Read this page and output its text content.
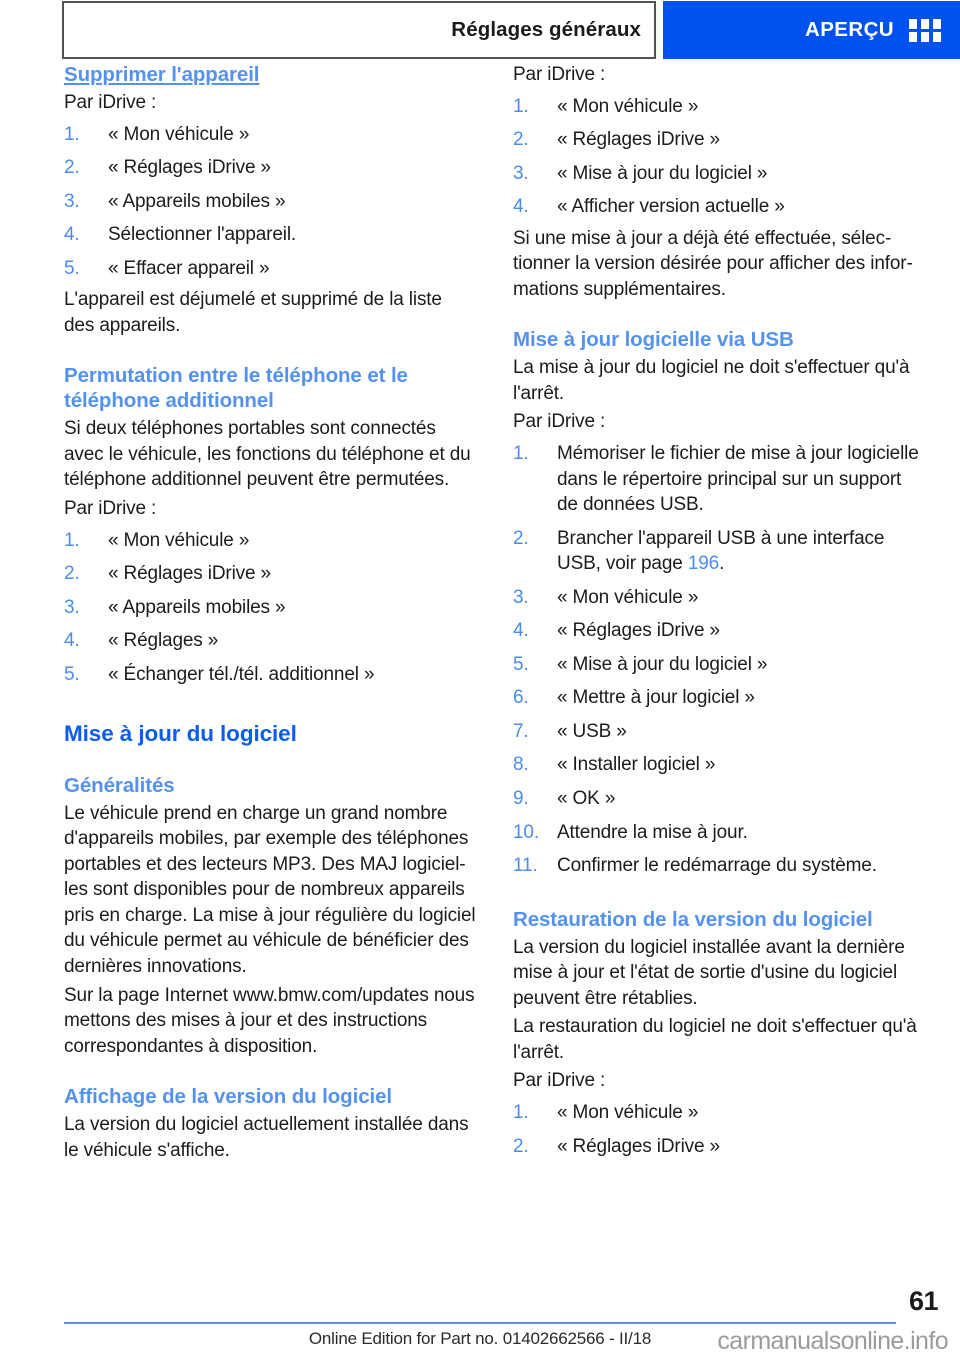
Réglages généraux	APERÇU
Supprimer l'appareil

Par iDrive :

1.	« Mon véhicule »
2.	« Réglages iDrive »
3.	« Appareils mobiles »
4.	Sélectionner l'appareil.
5.	« Effacer appareil »

L'appareil est déjumelé et supprimé de la liste des appareils.

Permutation entre le téléphone et le téléphone additionnel

Si deux téléphones portables sont connectés avec le véhicule, les fonctions du téléphone et du téléphone additionnel peuvent être permutées.

Par iDrive :

1.	« Mon véhicule »
2.	« Réglages iDrive »
3.	« Appareils mobiles »
4.	« Réglages »
5.	« Échanger tél./tél. additionnel »
Mise à jour du logiciel
Généralités

Le véhicule prend en charge un grand nombre d'appareils mobiles, par exemple des téléphones portables et des lecteurs MP3. Des MAJ logicielles sont disponibles pour de nombreux appareils pris en charge. La mise à jour régulière du logiciel du véhicule permet au véhicule de bénéficier des dernières innovations.

Sur la page Internet www.bmw.com/updates nous mettons des mises à jour et des instructions correspondantes à disposition.

Affichage de la version du logiciel

La version du logiciel actuellement installée dans le véhicule s'affiche.

Par iDrive :

1.	« Mon véhicule »
2.	« Réglages iDrive »
3.	« Mise à jour du logiciel »
4.	« Afficher version actuelle »

Si une mise à jour a déjà été effectuée, sélectionner la version désirée pour afficher des informations supplémentaires.

Mise à jour logicielle via USB

La mise à jour du logiciel ne doit s'effectuer qu'à l'arrêt.

Par iDrive :

1.	Mémoriser le fichier de mise à jour logicielle dans le répertoire principal sur un support de données USB.
2.	Brancher l'appareil USB à une interface USB, voir page 196.
3.	« Mon véhicule »
4.	« Réglages iDrive »
5.	« Mise à jour du logiciel »
6.	« Mettre à jour logiciel »
7.	« USB »
8.	« Installer logiciel »
9.	« OK »
10. Attendre la mise à jour.
11.	Confirmer le redémarrage du système.
Restauration de la version du logiciel

La version du logiciel installée avant la dernière mise à jour et l'état de sortie d'usine du logiciel peuvent être rétablies.

La restauration du logiciel ne doit s'effectuer qu'à l'arrêt.

Par iDrive :

1.	« Mon véhicule »
2.	« Réglages iDrive »
61
Online Edition for Part no. 01402662566 - II/18	carmanualsonline.info
